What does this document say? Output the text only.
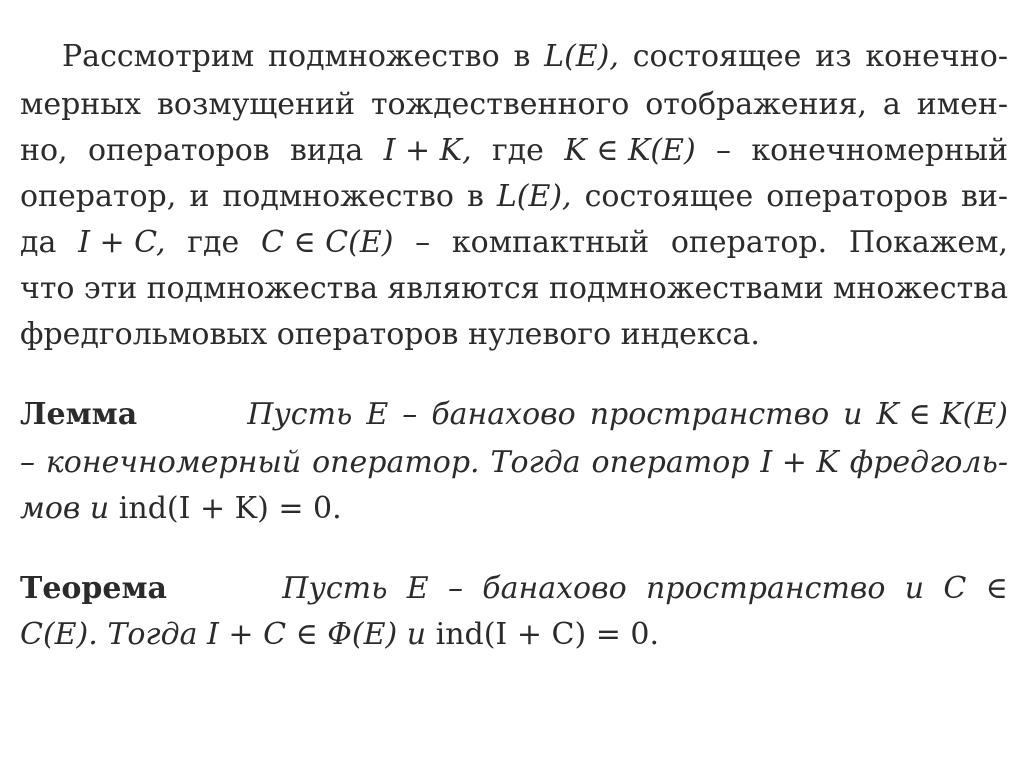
Рассмотрим подмножество в L(E), состоящее из конечно-
мерных возмущений тождественного отображения, а имен-
но, операторов вида I + K, где K ∈ K(E) – конечномерный
оператор, и подмножество в L(E), состоящее операторов ви-
да I + C, где C ∈ C(E) – компактный оператор. Покажем,
что эти подмножества являются подмножествами множества
фредгольмовых операторов нулевого индекса.
Лемма	Пусть E – банахово пространство и K ∈ K(E)
– конечномерный оператор. Тогда оператор I + K фредголь-
мов и ind(I + K) = 0.
Теорема	Пусть E – банахово пространство и C ∈
C(E). Тогда I + C ∈ Φ(E) и ind(I + C) = 0.
